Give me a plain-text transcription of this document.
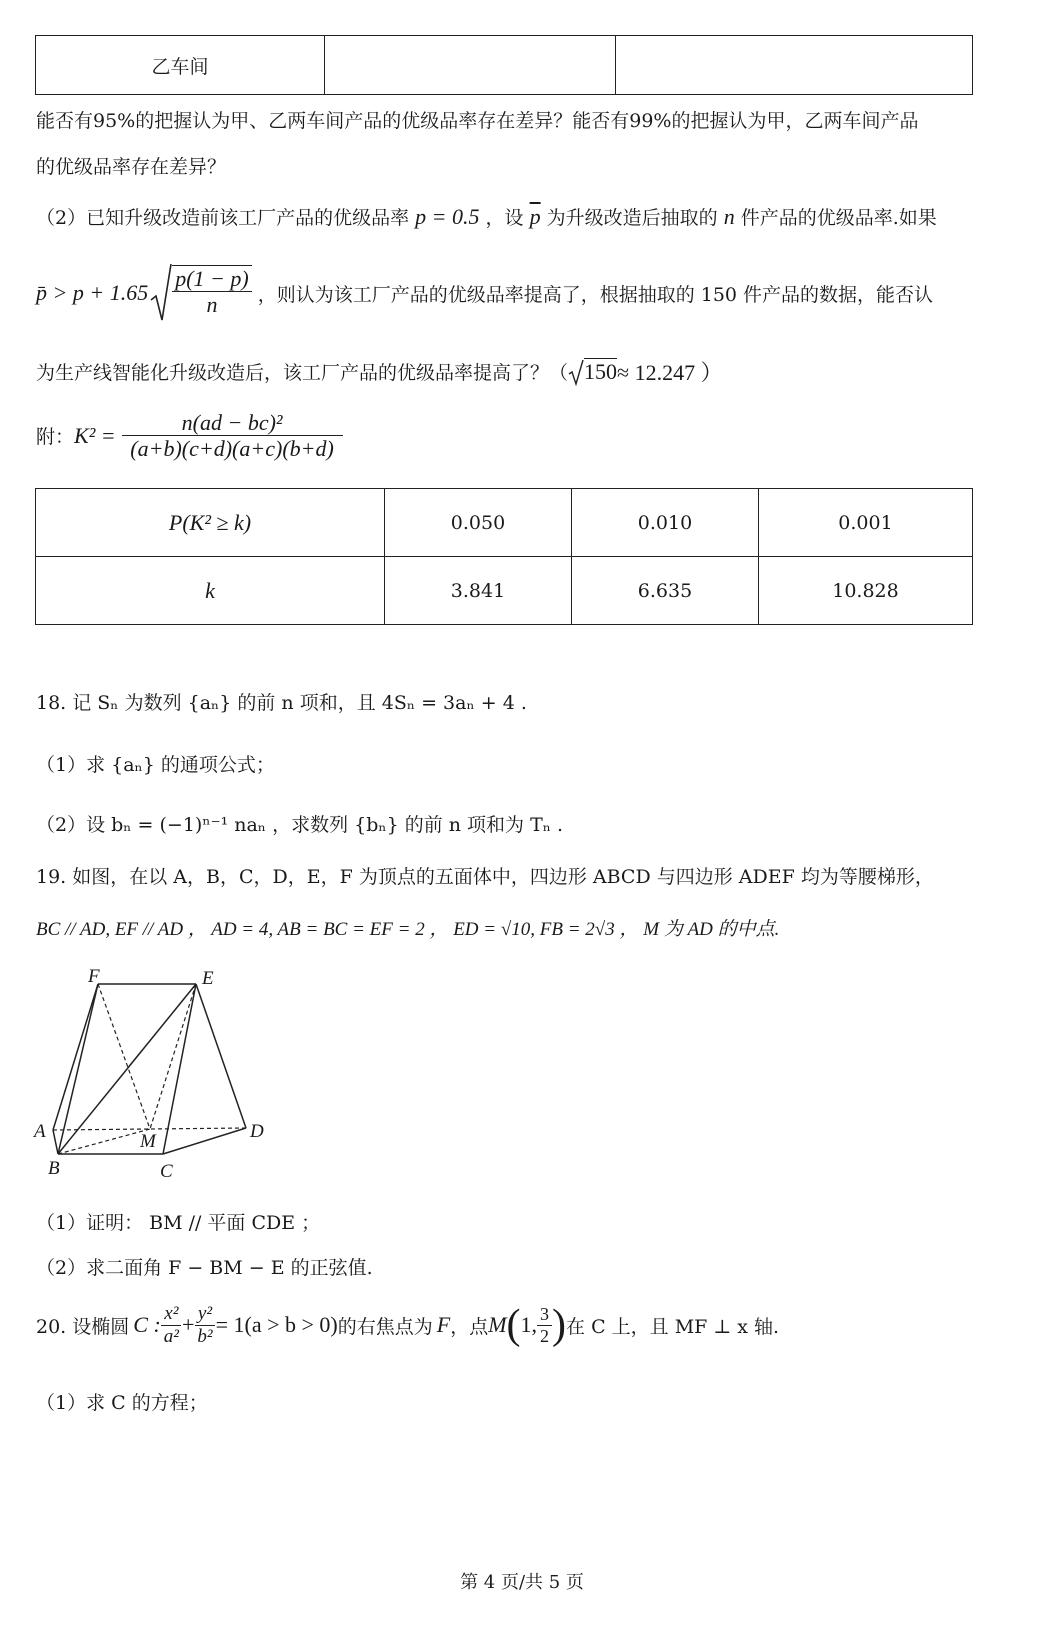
乙车间		
能否有95%的把握认为甲、乙两车间产品的优级品率存在差异？能否有99%的把握认为甲，乙两车间产品
的优级品率存在差异？
（2）已知升级改造前该工厂产品的优级品率 p = 0.5 ，设 $\overline{p}$ 为升级改造后抽取的 n 件产品的优级品率.如果
p̄ > $p + 1.65 \frac{p(1 - p)}{n}$ ，则认为该工厂产品的优级品率提高了，根据抽取的 150 件产品的数据，能否认
为生产线智能化升级改造后，该工厂产品的优级品率提高了？（ 150 ≈ 12.247 ）
附： $K^2 = \frac{\text{n(ad − bc)²}}{(a+b)(c+d)(a+c)(b+d)}$
P(K² ≥ k)	0.050	0.010	0.001
k	3.841	6.635	10.828
18. 记 Sₙ 为数列 {aₙ} 的前 n 项和，且 4Sₙ = 3aₙ + 4 .
（1）求 {aₙ} 的通项公式；
（2）设 bₙ = (−1)ⁿ⁻¹ naₙ ，求数列 {bₙ} 的前 n 项和为 Tₙ .
19. 如图，在以 A，B，C，D，E，F 为顶点的五面体中，四边形 ABCD 与四边形 ADEF 均为等腰梯形，
BC // AD, EF // AD ， AD = 4, AB = BC = EF = 2 ， ED = √10, FB = 2√3 ， M 为 AD 的中点.
F	E
A	M	D
B	C
（1）证明： BM // 平面 CDE ；
（2）求二面角 F − BM − E 的正弦值.
20. 设椭圆 C : $\frac{\text{x²}}{\text{a²}} + \frac{\text{y²}}{\text{b²}} = 1(a > b > 0)$ 的右焦点为 F ，点 M ( 1, $\frac{3}{2}$ ) 在 C 上，且 MF ⊥ x 轴.
（1）求 C 的方程；
第 4 页/共 5 页
